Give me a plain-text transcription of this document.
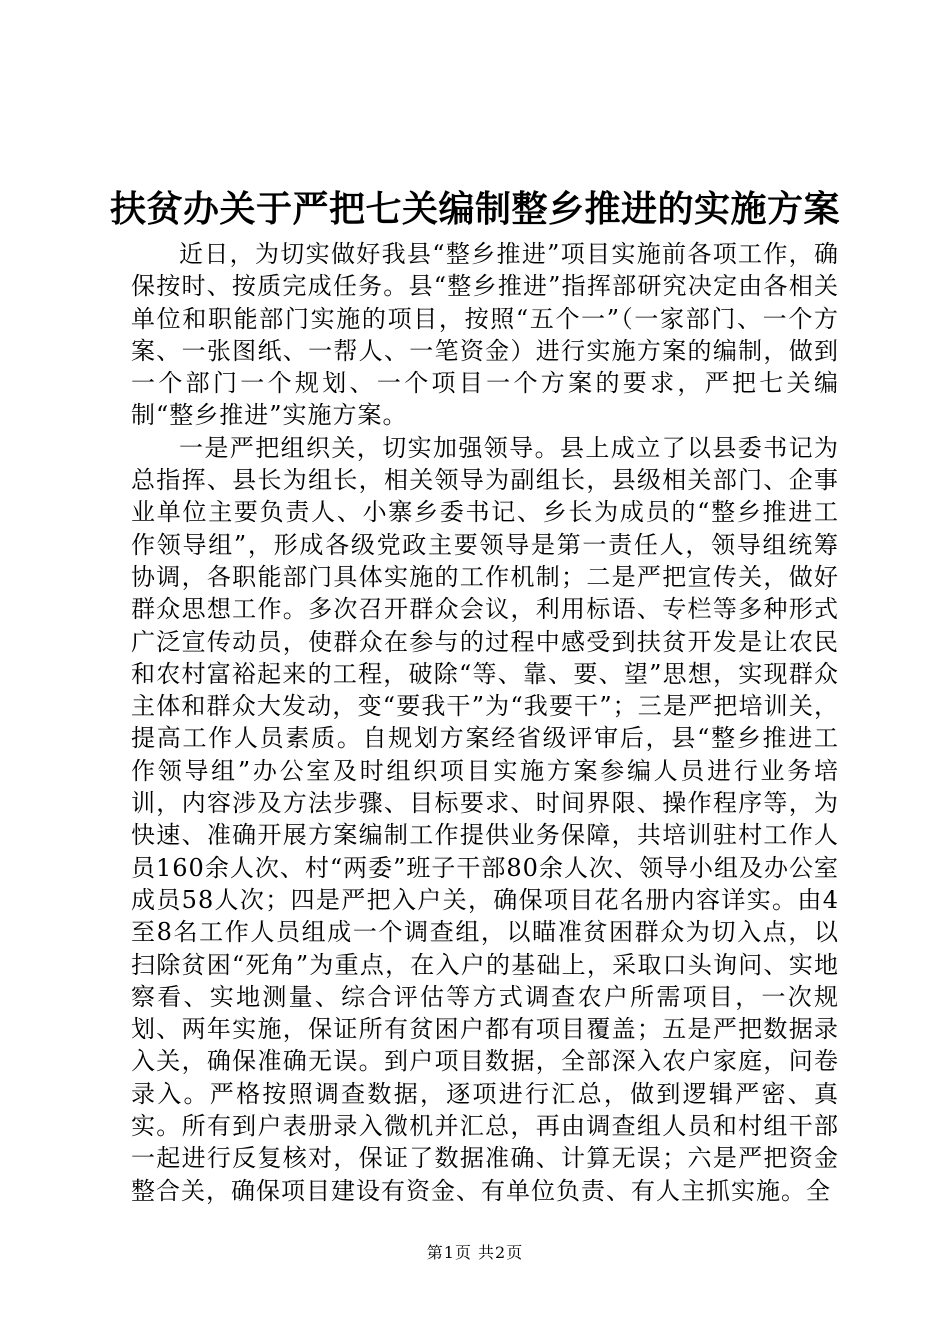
扶贫办关于严把七关编制整乡推进的实施方案

近日，为切实做好我县“整乡推进”项目实施前各项工作，确保按时、按质完成任务。县“整乡推进”指挥部研究决定由各相关单位和职能部门实施的项目，按照“五个一”（一家部门、一个方案、一张图纸、一帮人、一笔资金）进行实施方案的编制，做到一个部门一个规划、一个项目一个方案的要求，严把七关编制“整乡推进”实施方案。

一是严把组织关，切实加强领导。县上成立了以县委书记为总指挥、县长为组长，相关领导为副组长，县级相关部门、企事业单位主要负责人、小寨乡委书记、乡长为成员的“整乡推进工作领导组”，形成各级党政主要领导是第一责任人，领导组统筹协调，各职能部门具体实施的工作机制；二是严把宣传关，做好群众思想工作。多次召开群众会议，利用标语、专栏等多种形式广泛宣传动员，使群众在参与的过程中感受到扶贫开发是让农民和农村富裕起来的工程，破除“等、靠、要、望”思想，实现群众主体和群众大发动，变“要我干”为“我要干”；三是严把培训关，提高工作人员素质。自规划方案经省级评审后，县“整乡推进工作领导组”办公室及时组织项目实施方案参编人员进行业务培训，内容涉及方法步骤、目标要求、时间界限、操作程序等，为快速、准确开展方案编制工作提供业务保障，共培训驻村工作人员160余人次、村“两委”班子干部80余人次、领导小组及办公室成员58人次；四是严把入户关，确保项目花名册内容详实。由4至8名工作人员组成一个调查组，以瞄准贫困群众为切入点，以扫除贫困“死角”为重点，在入户的基础上，采取口头询问、实地察看、实地测量、综合评估等方式调查农户所需项目，一次规划、两年实施，保证所有贫困户都有项目覆盖；五是严把数据录入关，确保准确无误。到户项目数据，全部深入农户家庭，问卷录入。严格按照调查数据，逐项进行汇总，做到逻辑严密、真实。所有到户表册录入微机并汇总，再由调查组人员和村组干部一起进行反复核对，保证了数据准确、计算无误；六是严把资金整合关，确保项目建设有资金、有单位负责、有人主抓实施。全

第1页 共2页
